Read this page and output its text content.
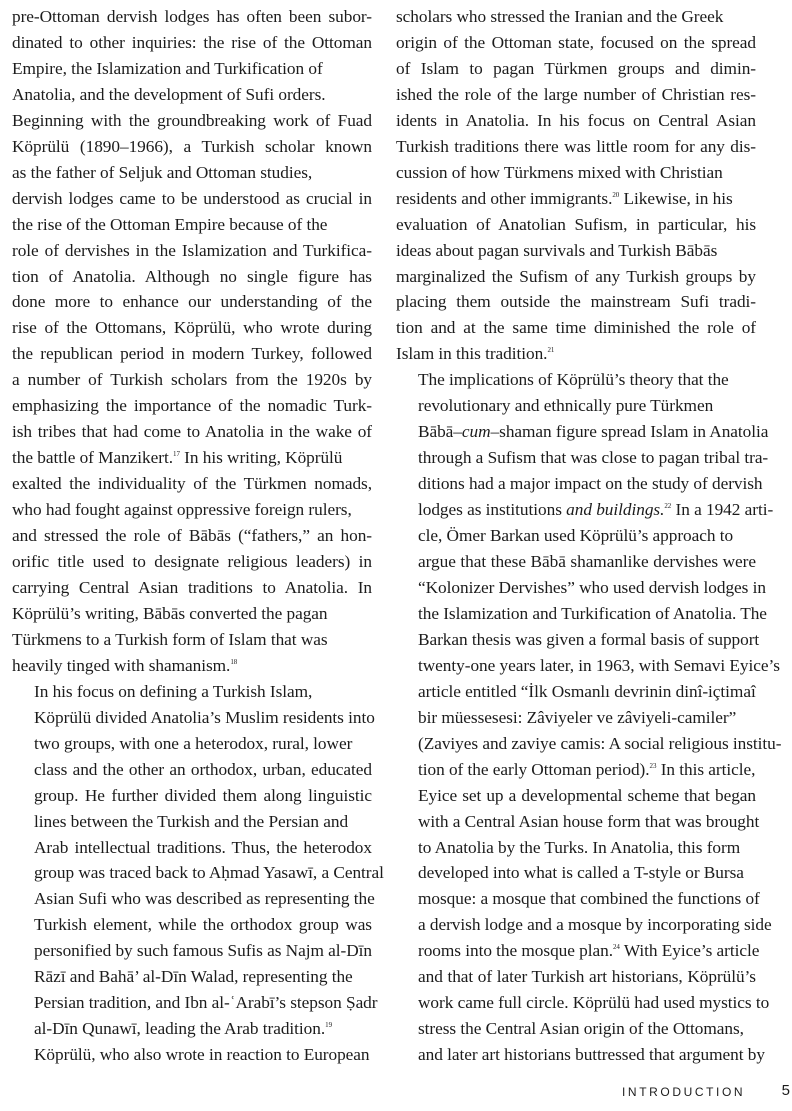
pre-Ottoman dervish lodges has often been subor-
dinated to other inquiries: the rise of the Ottoman
Empire, the Islamization and Turkification of
Anatolia, and the development of Sufi orders.
Beginning with the groundbreaking work of Fuad
Köprülü (1890–1966), a Turkish scholar known
as the father of Seljuk and Ottoman studies,
dervish lodges came to be understood as crucial in
the rise of the Ottoman Empire because of the
role of dervishes in the Islamization and Turkifica-
tion of Anatolia. Although no single figure has
done more to enhance our understanding of the
rise of the Ottomans, Köprülü, who wrote during
the republican period in modern Turkey, followed
a number of Turkish scholars from the 1920s by
emphasizing the importance of the nomadic Turk-
ish tribes that had come to Anatolia in the wake of
the battle of Manzikert.$^{17}$ In his writing, Köprülü
exalted the individuality of the Türkmen nomads,
who had fought against oppressive foreign rulers,
and stressed the role of Bābās (“fathers,” an hon-
orific title used to designate religious leaders) in
carrying Central Asian traditions to Anatolia. In
Köprülü’s writing, Bābās converted the pagan
Türkmens to a Turkish form of Islam that was
heavily tinged with shamanism.$^{18}$

In his focus on defining a Turkish Islam,
Köprülü divided Anatolia’s Muslim residents into
two groups, with one a heterodox, rural, lower
class and the other an orthodox, urban, educated
group. He further divided them along linguistic
lines between the Turkish and the Persian and
Arab intellectual traditions. Thus, the heterodox
group was traced back to Aḥmad Yasawī, a Central
Asian Sufi who was described as representing the
Turkish element, while the orthodox group was
personified by such famous Sufis as Najm al-Dīn
Rāzī and Bahā’ al-Dīn Walad, representing the
Persian tradition, and Ibn al-ʿArabī’s stepson Ṣadr
al-Dīn Qunawī, leading the Arab tradition.$^{19}$
Köprülü, who also wrote in reaction to European

scholars who stressed the Iranian and the Greek
origin of the Ottoman state, focused on the spread
of Islam to pagan Türkmen groups and dimin-
ished the role of the large number of Christian res-
idents in Anatolia. In his focus on Central Asian
Turkish traditions there was little room for any dis-
cussion of how Türkmens mixed with Christian
residents and other immigrants.$^{20}$ Likewise, in his
evaluation of Anatolian Sufism, in particular, his
ideas about pagan survivals and Turkish Bābās
marginalized the Sufism of any Turkish groups by
placing them outside the mainstream Sufi tradi-
tion and at the same time diminished the role of
Islam in this tradition.$^{21}$

The implications of Köprülü’s theory that the
revolutionary and ethnically pure Türkmen
Bābā–cum–shaman figure spread Islam in Anatolia
through a Sufism that was close to pagan tribal tra-
ditions had a major impact on the study of dervish
lodges as institutions and buildings.$^{22}$ In a 1942 arti-
cle, Ömer Barkan used Köprülü’s approach to
argue that these Bābā shamanlike dervishes were
“Kolonizer Dervishes” who used dervish lodges in
the Islamization and Turkification of Anatolia. The
Barkan thesis was given a formal basis of support
twenty-one years later, in 1963, with Semavi Eyice’s
article entitled “İlk Osmanlı devrinin dinî-içtimaî
bir müessesesi: Zâviyeler ve zâviyeli-camiler”
(Zaviyes and zaviye camis: A social religious institu-
tion of the early Ottoman period).$^{23}$ In this article,
Eyice set up a developmental scheme that began
with a Central Asian house form that was brought
to Anatolia by the Turks. In Anatolia, this form
developed into what is called a T-style or Bursa
mosque: a mosque that combined the functions of
a dervish lodge and a mosque by incorporating side
rooms into the mosque plan.$^{24}$ With Eyice’s article
and that of later Turkish art historians, Köprülü’s
work came full circle. Köprülü had used mystics to
stress the Central Asian origin of the Ottomans,
and later art historians buttressed that argument by

INTRODUCTION 5
